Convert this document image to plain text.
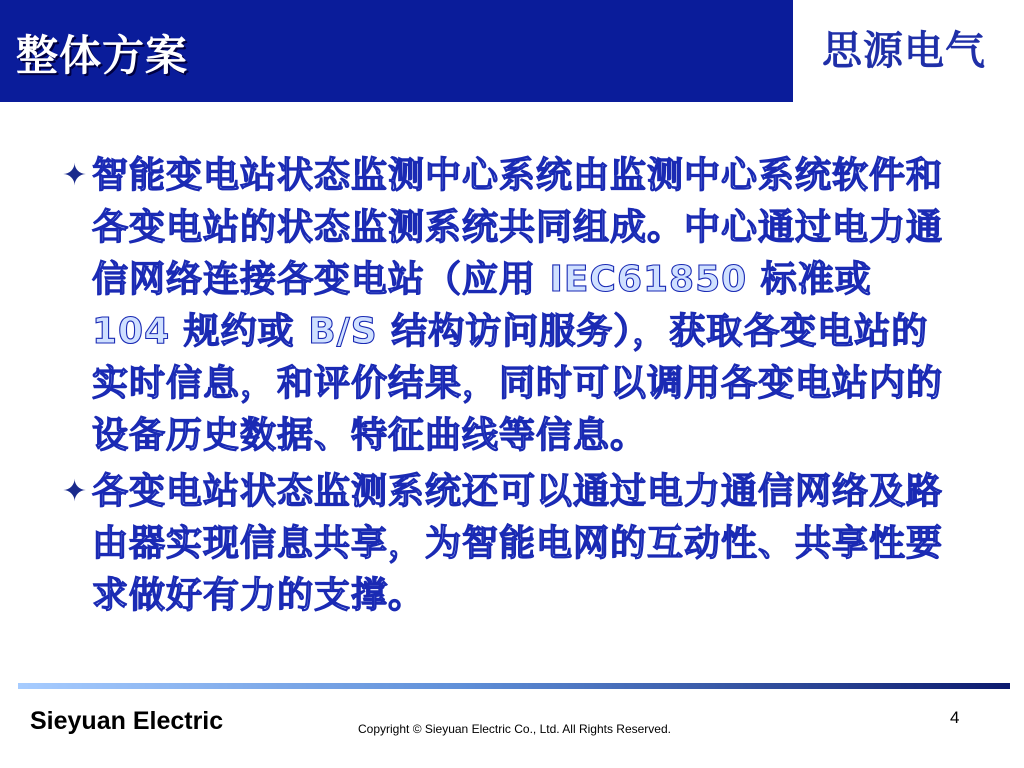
整体方案	思源电气
✦ 智能变电站状态监测中心系统由监测中心系统软件和各变电站的状态监测系统共同组成。中心通过电力通信网络连接各变电站（应用 IEC61850 标准或 104 规约或 B/S 结构访问服务），获取各变电站的实时信息，和评价结果，同时可以调用各变电站内的设备历史数据、特征曲线等信息。
✦ 各变电站状态监测系统还可以通过电力通信网络及路由器实现信息共享，为智能电网的互动性、共享性要求做好有力的支撑。
Sieyuan Electric	Copyright © Sieyuan Electric Co., Ltd. All Rights Reserved.
4
